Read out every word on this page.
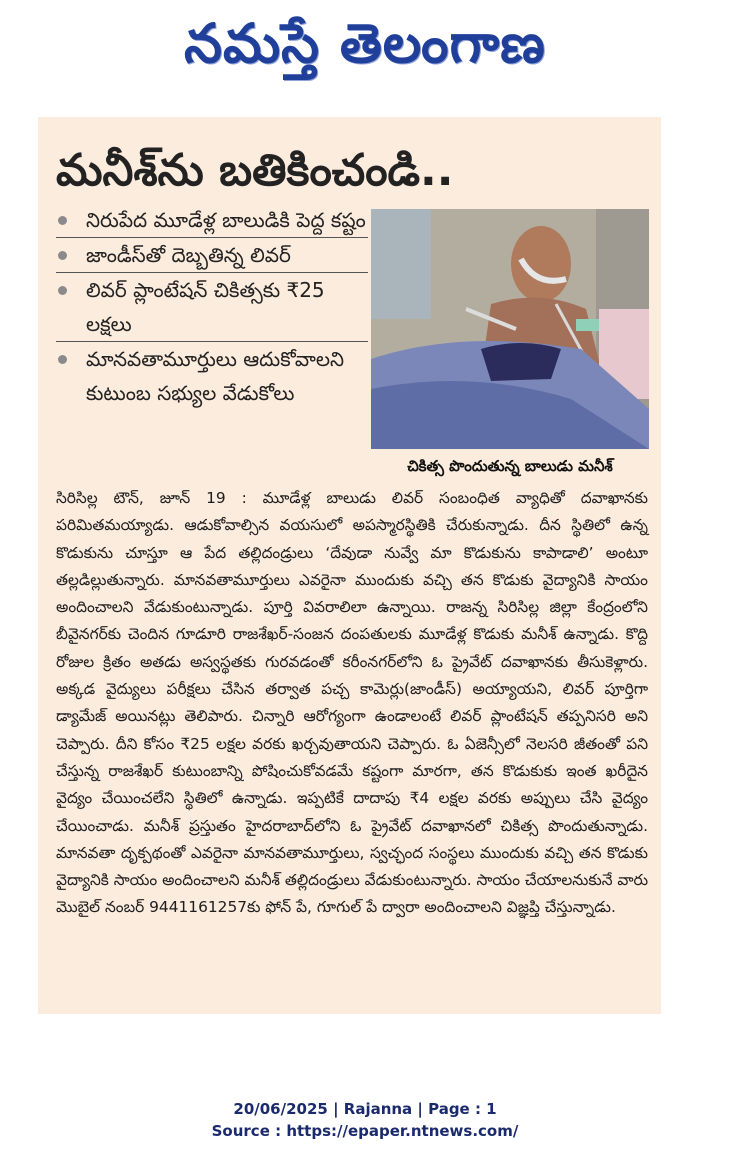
నమస్తే తెలంగాణ
మనీశ్‌ను బతికించండి..
నిరుపేద మూడేళ్ల బాలుడికి పెద్ద కష్టం
జాండీస్‌తో దెబ్బతిన్న లివర్
లివర్ ప్లాంటేషన్ చికిత్సకు ₹25 లక్షలు
మానవతామూర్తులు ఆదుకోవాలని కుటుంబ సభ్యుల వేడుకోలు
చికిత్స పొందుతున్న బాలుడు మనీశ్
సిరిసిల్ల టౌన్, జూన్ 19 : మూడేళ్ల బాలుడు లివర్ సంబంధిత వ్యాధితో దవాఖానకు పరిమితమయ్యాడు. ఆడుకోవాల్సిన వయసులో అపస్మారస్థితికి చేరుకున్నాడు. దీన స్థితిలో ఉన్న కొడుకును చూస్తూ ఆ పేద తల్లిదండ్రులు ‘దేవుడా నువ్వే మా కొడుకును కాపాడాలి’ అంటూ తల్లడిల్లుతున్నారు. మానవతామూర్తులు ఎవరైనా ముందుకు వచ్చి తన కొడుకు వైద్యానికి సాయం అందించాలని వేడుకుంటున్నాడు. పూర్తి వివరాలిలా ఉన్నాయి. రాజన్న సిరిసిల్ల జిల్లా కేంద్రంలోని బీవైనగర్‌కు చెందిన గూడూరి రాజశేఖర్-సంజన దంపతులకు మూడేళ్ల కొడుకు మనీశ్ ఉన్నాడు. కొద్ది రోజుల క్రితం అతడు అస్వస్థతకు గురవడంతో కరీంనగర్‌లోని ఓ ప్రైవేట్ దవాఖానకు తీసుకెళ్లారు. అక్కడ వైద్యులు పరీక్షలు చేసిన తర్వాత పచ్చ కామెర్లు(జాండీస్) అయ్యాయని, లివర్ పూర్తిగా డ్యామేజ్ అయినట్లు తెలిపారు. చిన్నారి ఆరోగ్యంగా ఉండాలంటే లివర్ ప్లాంటేషన్ తప్పనిసరి అని చెప్పారు. దీని కోసం ₹25 లక్షల వరకు ఖర్చవుతాయని చెప్పారు. ఓ ఏజెన్సీలో నెలసరి జీతంతో పని చేస్తున్న రాజశేఖర్ కుటుంబాన్ని పోషించుకోవడమే కష్టంగా మారగా, తన కొడుకుకు ఇంత ఖరీదైన వైద్యం చేయించలేని స్థితిలో ఉన్నాడు. ఇప్పటికే దాదాపు ₹4 లక్షల వరకు అప్పులు చేసి వైద్యం చేయించాడు. మనీశ్ ప్రస్తుతం హైదరాబాద్‌లోని ఓ ప్రైవేట్ దవాఖానలో చికిత్స పొందుతున్నాడు. మానవతా దృక్పథంతో ఎవరైనా మానవతామూర్తులు, స్వచ్ఛంద సంస్థలు ముందుకు వచ్చి తన కొడుకు వైద్యానికి సాయం అందించాలని మనీశ్ తల్లిదండ్రులు వేడుకుంటున్నారు. సాయం చేయాలనుకునే వారు మొబైల్ నంబర్ 9441161257కు ఫోన్ పే, గూగుల్ పే ద్వారా అందించాలని విజ్ఞప్తి చేస్తున్నాడు.
20/06/2025 | Rajanna | Page : 1
Source : https://epaper.ntnews.com/
